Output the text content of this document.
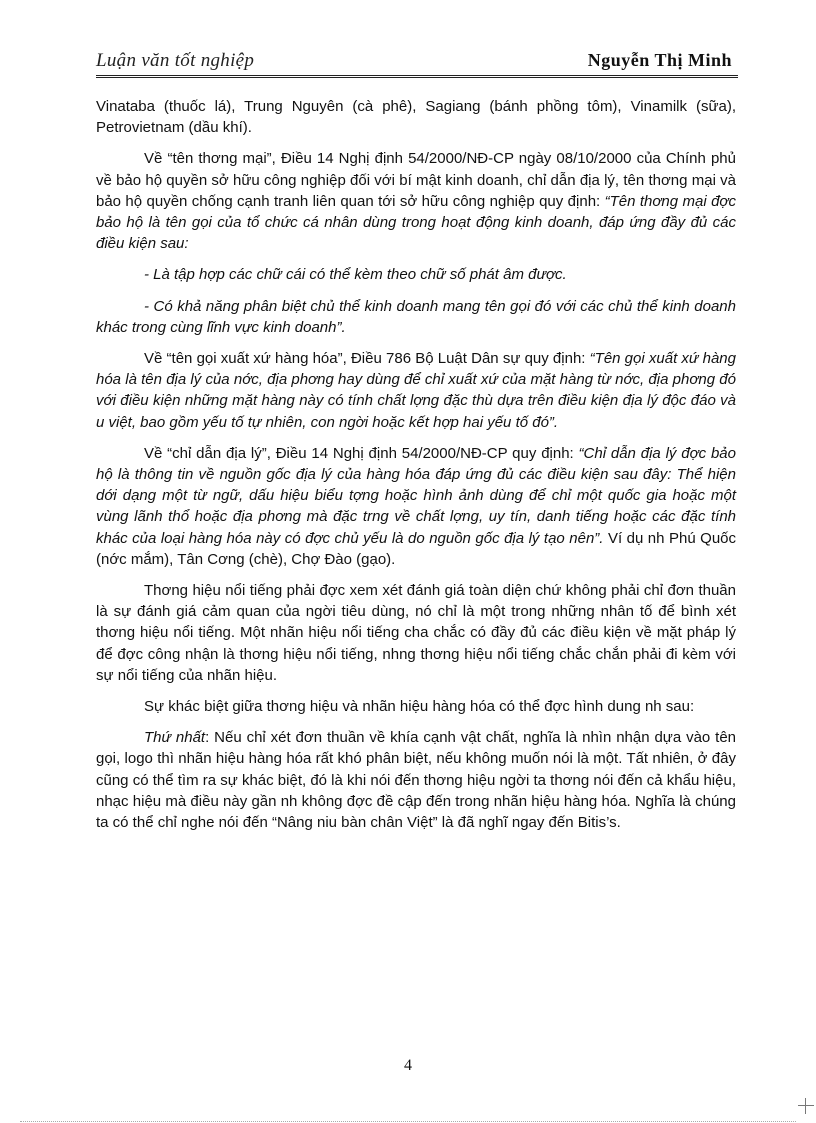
Luận văn tốt nghiệp	Nguyễn Thị Minh

Vinataba (thuốc lá), Trung Nguyên (cà phê), Sagiang (bánh phồng tôm), Vinamilk (sữa), Petrovietnam (dầu khí).

Về “tên thơng mại”, Điều 14 Nghị định 54/2000/NĐ-CP ngày 08/10/2000 của Chính phủ về bảo hộ quyền sở hữu công nghiệp đối với bí mật kinh doanh, chỉ dẫn địa lý, tên thơng mại và bảo hộ quyền chống cạnh tranh liên quan tới sở hữu công nghiệp quy định: “Tên thơng mại đợc bảo hộ là tên gọi của tổ chức cá nhân dùng trong hoạt động kinh doanh, đáp ứng đầy đủ các điều kiện sau:

- Là tập hợp các chữ cái có thể kèm theo chữ số phát âm được.

- Có khả năng phân biệt chủ thể kinh doanh mang tên gọi đó với các chủ thể kinh doanh khác trong cùng lĩnh vực kinh doanh”.

Về “tên gọi xuất xứ hàng hóa”, Điều 786 Bộ Luật Dân sự quy định: “Tên gọi xuất xứ hàng hóa là tên địa lý của nớc, địa phơng hay dùng để chỉ xuất xứ của mặt hàng từ nớc, địa phơng đó với điều kiện những mặt hàng này có tính chất lợng đặc thù dựa trên điều kiện địa lý độc đáo và u việt, bao gồm yếu tố tự nhiên, con ngời hoặc kết hợp hai yếu tố đó”.

Về “chỉ dẫn địa lý”, Điều 14 Nghị định 54/2000/NĐ-CP quy định: “Chỉ dẫn địa lý đợc bảo hộ là thông tin về nguồn gốc địa lý của hàng hóa đáp ứng đủ các điều kiện sau đây: Thể hiện dới dạng một từ ngữ, dấu hiệu biểu tợng hoặc hình ảnh dùng để chỉ một quốc gia hoặc một vùng lãnh thổ hoặc địa phơng mà đặc trng về chất lợng, uy tín, danh tiếng hoặc các đặc tính khác của loại hàng hóa này có đợc chủ yếu là do nguồn gốc địa lý tạo nên”. Ví dụ nh Phú Quốc (nớc mắm), Tân Cơng (chè), Chợ Đào (gạo).

Thơng hiệu nổi tiếng phải đợc xem xét đánh giá toàn diện chứ không phải chỉ đơn thuần là sự đánh giá cảm quan của ngời tiêu dùng, nó chỉ là một trong những nhân tố để bình xét thơng hiệu nổi tiếng. Một nhãn hiệu nổi tiếng cha chắc có đầy đủ các điều kiện về mặt pháp lý để đợc công nhận là thơng hiệu nổi tiếng, nhng thơng hiệu nổi tiếng chắc chắn phải đi kèm với sự nổi tiếng của nhãn hiệu.

Sự khác biệt giữa thơng hiệu và nhãn hiệu hàng hóa có thể đợc hình dung nh sau:

Thứ nhất: Nếu chỉ xét đơn thuần về khía cạnh vật chất, nghĩa là nhìn nhận dựa vào tên gọi, logo thì nhãn hiệu hàng hóa rất khó phân biệt, nếu không muốn nói là một. Tất nhiên, ở đây cũng có thể tìm ra sự khác biệt, đó là khi nói đến thơng hiệu ngời ta thơng nói đến cả khẩu hiệu, nhạc hiệu mà điều này gần nh không đợc đề cập đến trong nhãn hiệu hàng hóa. Nghĩa là chúng ta có thể chỉ nghe nói đến “Nâng niu bàn chân Việt” là đã nghĩ ngay đến Bitis’s.

4
